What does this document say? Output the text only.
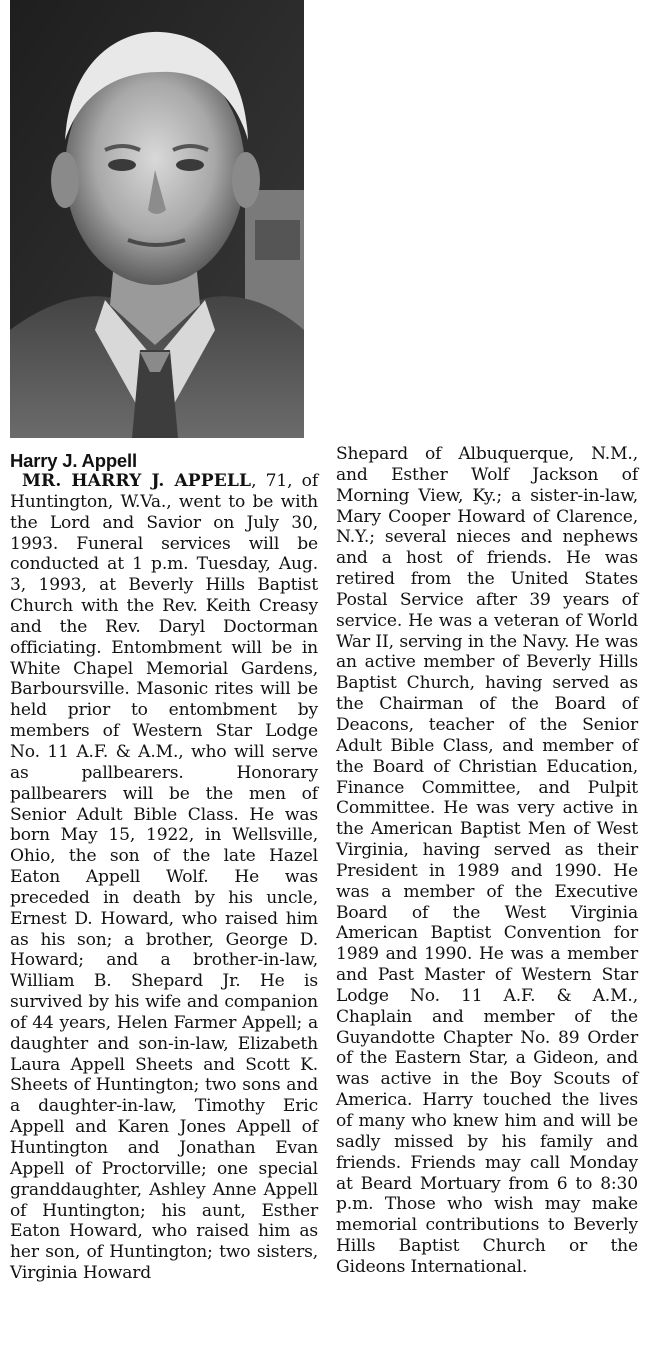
Harry J. Appell

MR. HARRY J. APPELL, 71, of Huntington, W.Va., went to be with the Lord and Savior on July 30, 1993. Funeral services will be conducted at 1 p.m. Tuesday, Aug. 3, 1993, at Beverly Hills Baptist Church with the Rev. Keith Creasy and the Rev. Daryl Doctorman officiating. Entombment will be in White Chapel Memorial Gardens, Barboursville. Masonic rites will be held prior to entombment by members of Western Star Lodge No. 11 A.F. & A.M., who will serve as pallbearers. Honorary pallbearers will be the men of Senior Adult Bible Class. He was born May 15, 1922, in Wellsville, Ohio, the son of the late Hazel Eaton Appell Wolf. He was preceded in death by his uncle, Ernest D. Howard, who raised him as his son; a brother, George D. Howard; and a brother-in-law, William B. Shepard Jr. He is survived by his wife and companion of 44 years, Helen Farmer Appell; a daughter and son-in-law, Elizabeth Laura Appell Sheets and Scott K. Sheets of Huntington; two sons and a daughter-in-law, Timothy Eric Appell and Karen Jones Appell of Huntington and Jonathan Evan Appell of Proctorville; one special granddaughter, Ashley Anne Appell of Huntington; his aunt, Esther Eaton Howard, who raised him as her son, of Huntington; two sisters, Virginia Howard

Shepard of Albuquerque, N.M., and Esther Wolf Jackson of Morning View, Ky.; a sister-in-law, Mary Cooper Howard of Clarence, N.Y.; several nieces and nephews and a host of friends. He was retired from the United States Postal Service after 39 years of service. He was a veteran of World War II, serving in the Navy. He was an active member of Beverly Hills Baptist Church, having served as the Chairman of the Board of Deacons, teacher of the Senior Adult Bible Class, and member of the Board of Christian Education, Finance Committee, and Pulpit Committee. He was very active in the American Baptist Men of West Virginia, having served as their President in 1989 and 1990. He was a member of the Executive Board of the West Virginia American Baptist Convention for 1989 and 1990. He was a member and Past Master of Western Star Lodge No. 11 A.F. & A.M., Chaplain and member of the Guyandotte Chapter No. 89 Order of the Eastern Star, a Gideon, and was active in the Boy Scouts of America. Harry touched the lives of many who knew him and will be sadly missed by his family and friends. Friends may call Monday at Beard Mortuary from 6 to 8:30 p.m. Those who wish may make memorial contributions to Beverly Hills Baptist Church or the Gideons International.
